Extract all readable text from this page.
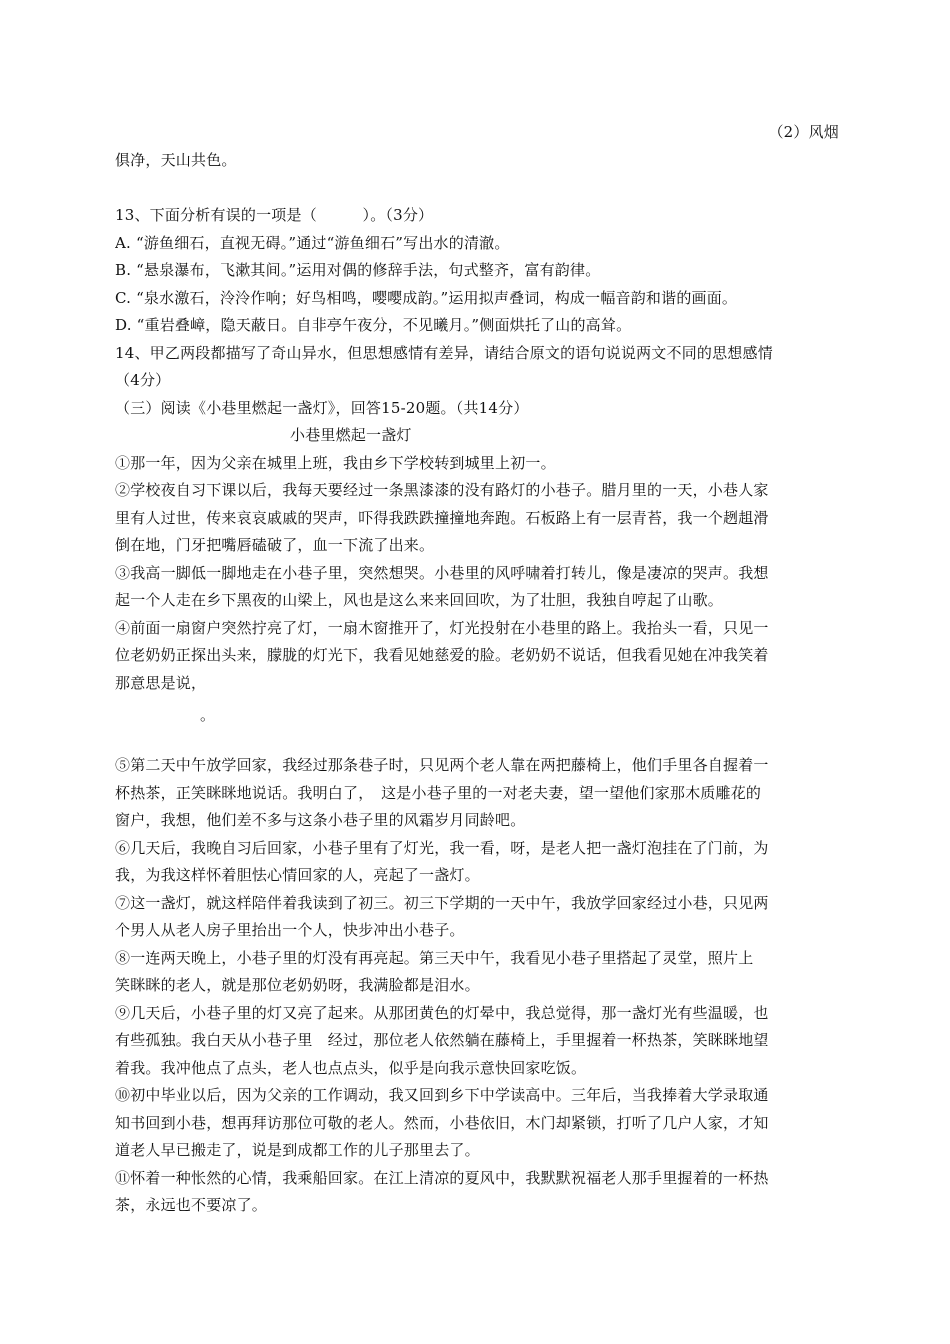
（2）风烟
俱净，天山共色。
13、下面分析有误的一项是（　　　）。（3分）
A. “游鱼细石，直视无碍。”通过“游鱼细石”写出水的清澈。
B. “悬泉瀑布，飞漱其间。”运用对偶的修辞手法，句式整齐，富有韵律。
C. “泉水激石，泠泠作响；好鸟相鸣，嘤嘤成韵。”运用拟声叠词，构成一幅音韵和谐的画面。
D. “重岩叠嶂，隐天蔽日。自非亭午夜分，不见曦月。”侧面烘托了山的高耸。
14、甲乙两段都描写了奇山异水，但思想感情有差异，请结合原文的语句说说两文不同的思想感情
（4分）
（三）阅读《小巷里燃起一盏灯》，回答15-20题。（共14分）
小巷里燃起一盏灯
①那一年，因为父亲在城里上班，我由乡下学校转到城里上初一。
②学校夜自习下课以后，我每天要经过一条黑漆漆的没有路灯的小巷子。腊月里的一天，小巷人家
里有人过世，传来哀哀戚戚的哭声，吓得我跌跌撞撞地奔跑。石板路上有一层青苔，我一个趔趄滑
倒在地，门牙把嘴唇磕破了，血一下流了出来。
③我高一脚低一脚地走在小巷子里，突然想哭。小巷里的风呼啸着打转儿，像是凄凉的哭声。我想
起一个人走在乡下黑夜的山梁上，风也是这么来来回回吹，为了壮胆，我独自哼起了山歌。
④前面一扇窗户突然拧亮了灯，一扇木窗推开了，灯光投射在小巷里的路上。我抬头一看，只见一
位老奶奶正探出头来，朦胧的灯光下，我看见她慈爱的脸。老奶奶不说话，但我看见她在冲我笑着
那意思是说，
。
⑤第二天中午放学回家，我经过那条巷子时，只见两个老人靠在两把藤椅上，他们手里各自握着一
杯热茶，正笑眯眯地说话。我明白了，　这是小巷子里的一对老夫妻，望一望他们家那木质雕花的
窗户，我想，他们差不多与这条小巷子里的风霜岁月同龄吧。
⑥几天后，我晚自习后回家，小巷子里有了灯光，我一看，呀，是老人把一盏灯泡挂在了门前，为
我，为我这样怀着胆怯心情回家的人，亮起了一盏灯。
⑦这一盏灯，就这样陪伴着我读到了初三。初三下学期的一天中午，我放学回家经过小巷，只见两
个男人从老人房子里抬出一个人，快步冲出小巷子。
⑧一连两天晚上，小巷子里的灯没有再亮起。第三天中午，我看见小巷子里搭起了灵堂，照片上
笑眯眯的老人，就是那位老奶奶呀，我满脸都是泪水。
⑨几天后，小巷子里的灯又亮了起来。从那团黄色的灯晕中，我总觉得，那一盏灯光有些温暖，也
有些孤独。我白天从小巷子里　经过，那位老人依然躺在藤椅上，手里握着一杯热茶，笑眯眯地望
着我。我冲他点了点头，老人也点点头，似乎是向我示意快回家吃饭。
⑩初中毕业以后，因为父亲的工作调动，我又回到乡下中学读高中。三年后，当我捧着大学录取通
知书回到小巷，想再拜访那位可敬的老人。然而，小巷依旧，木门却紧锁，打听了几户人家，才知
道老人早已搬走了，说是到成都工作的儿子那里去了。
⑪怀着一种怅然的心情，我乘船回家。在江上清凉的夏风中，我默默祝福老人那手里握着的一杯热
茶，永远也不要凉了。
